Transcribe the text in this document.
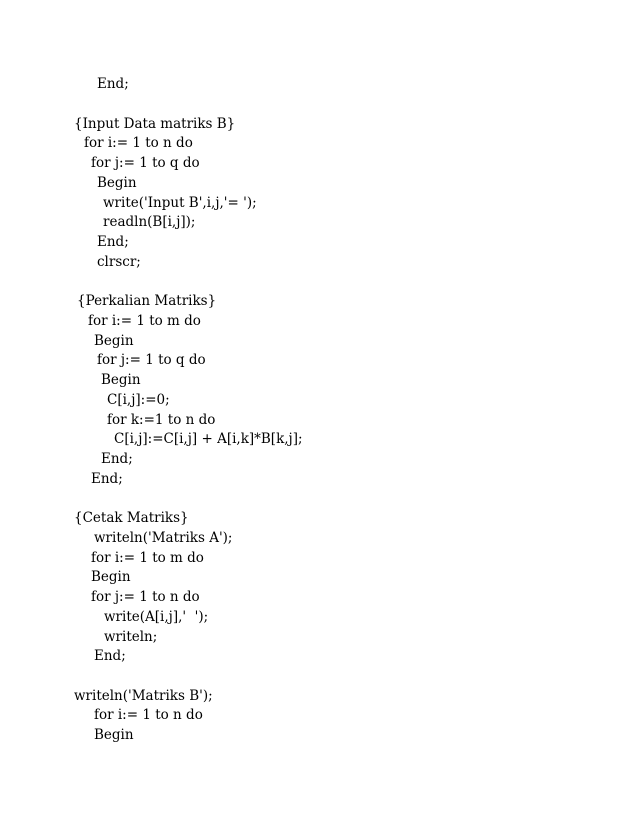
End;
{Input Data matriks B}
for i:= 1 to n do
for j:= 1 to q do
Begin
write('Input B',i,j,'= ');
readln(B[i,j]);
End;
clrscr;
{Perkalian Matriks}
for i:= 1 to m do
Begin
for j:= 1 to q do
Begin
C[i,j]:=0;
for k:=1 to n do
C[i,j]:=C[i,j] + A[i,k]*B[k,j];
End;
End;
{Cetak Matriks}
writeln('Matriks A');
for i:= 1 to m do
Begin
for j:= 1 to n do
write(A[i,j],'  ');
writeln;
End;
writeln('Matriks B');
for i:= 1 to n do
Begin
